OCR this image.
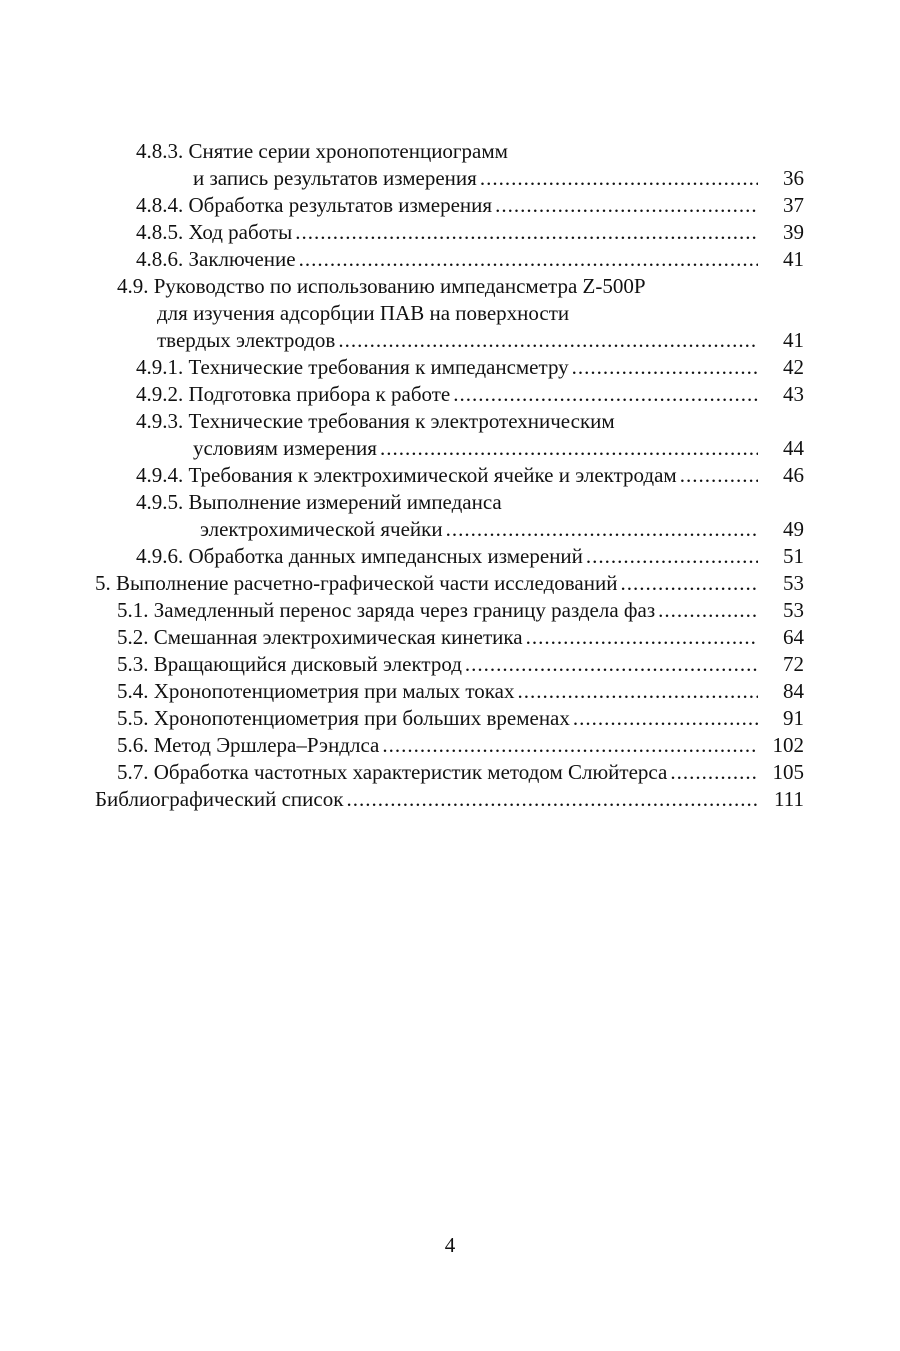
4.8.3. Снятие серии хронопотенциограмм
и запись результатов измерения .....	36
4.8.4. Обработка результатов измерения .....	37
4.8.5. Ход работы .....	39
4.8.6. Заключение .....	41
4.9. Руководство по использованию импедансметра Z-500P
для изучения адсорбции ПАВ на поверхности
твердых электродов .....	41
4.9.1. Технические требования к импедансметру .....	42
4.9.2. Подготовка прибора к работе .....	43
4.9.3. Технические требования к электротехническим
условиям измерения .....	44
4.9.4. Требования к электрохимической ячейке и электродам .....	46
4.9.5. Выполнение измерений импеданса
электрохимической ячейки .....	49
4.9.6. Обработка данных импедансных измерений .....	51
5. Выполнение расчетно-графической части исследований .....	53
5.1. Замедленный перенос заряда через границу раздела фаз .....	53
5.2. Смешанная электрохимическая кинетика .....	64
5.3. Вращающийся дисковый электрод .....	72
5.4. Хронопотенциометрия при малых токах .....	84
5.5. Хронопотенциометрия при больших временах .....	91
5.6. Метод Эршлера–Рэндлса .....	102
5.7. Обработка частотных характеристик методом Слюйтерса .....	105
Библиографический список .....	111
4
